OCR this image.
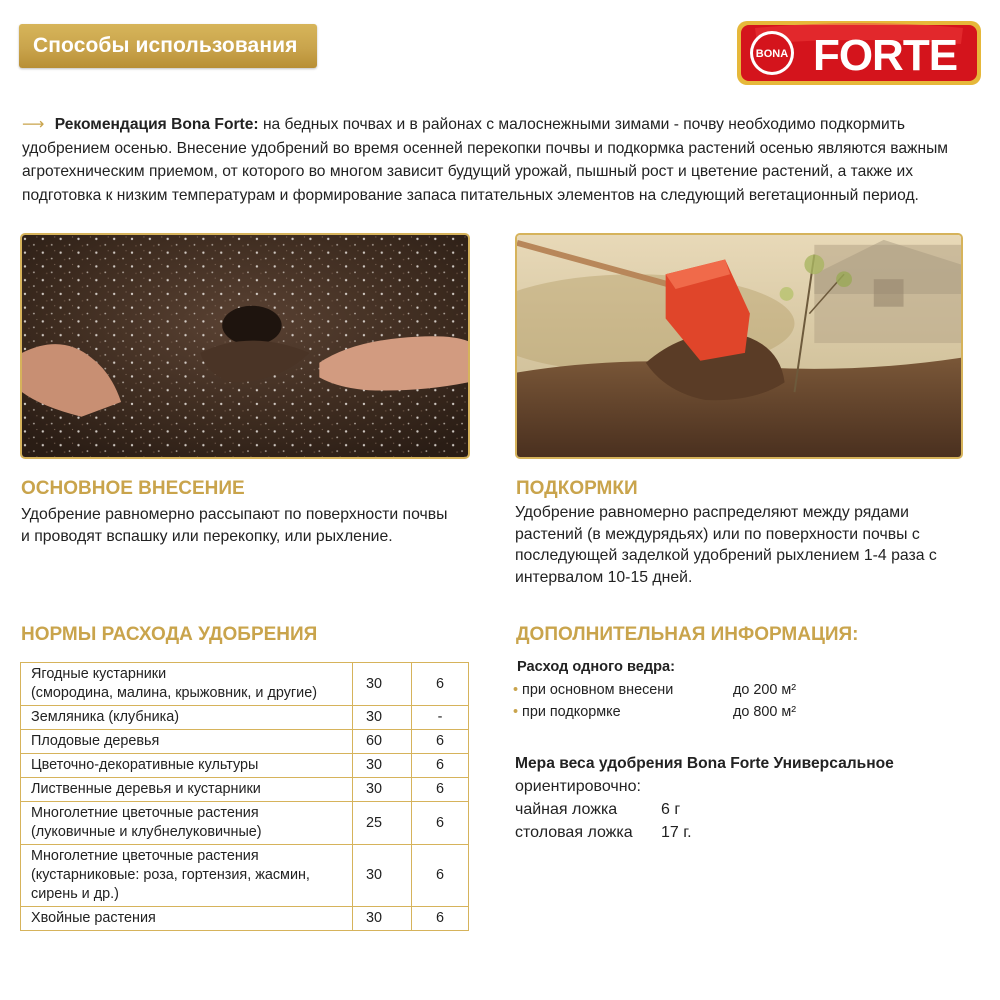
Способы использования	BONA FORTE
⟶ Рекомендация Bona Forte: на бедных почвах и в районах с малоснежными зимами - почву необходимо подкормить удобрением осенью. Внесение удобрений во время осенней перекопки почвы и подкормка растений осенью являются важным агротехническим приемом, от которого во многом зависит будущий урожай, пышный рост и цветение растений, а также их подготовка к низким температурам и формирование запаса питательных элементов на следующий вегетационный период.
ОСНОВНОЕ ВНЕСЕНИЕ
Удобрение равномерно рассыпают по поверхности почвы и проводят вспашку или перекопку, или рыхление.
ПОДКОРМКИ
Удобрение равномерно распределяют между рядами растений (в междурядьях) или по поверхности почвы с последующей заделкой удобрений рыхлением 1-4 раза с интервалом 10-15 дней.
НОРМЫ РАСХОДА УДОБРЕНИЯ
Ягодные кустарники
(смородина, малина, крыжовник, и другие)	30	6
Земляника (клубника)	30	-
Плодовые деревья	60	6
Цветочно-декоративные культуры	30	6
Лиственные деревья и кустарники	30	6
Многолетние цветочные растения
(луковичные и клубнелуковичные)	25	6
Многолетние цветочные растения
(кустарниковые: роза, гортензия, жасмин,
сирень и др.)	30	6
Хвойные растения	30	6
ДОПОЛНИТЕЛЬНАЯ ИНФОРМАЦИЯ:
Расход одного ведра:
• при основном внесени	до 200 м²
• при подкормке	до 800 м²
Мера веса удобрения Bona Forte Универсальное
ориентировочно:
чайная ложка	6 г
столовая ложка 17 г.
